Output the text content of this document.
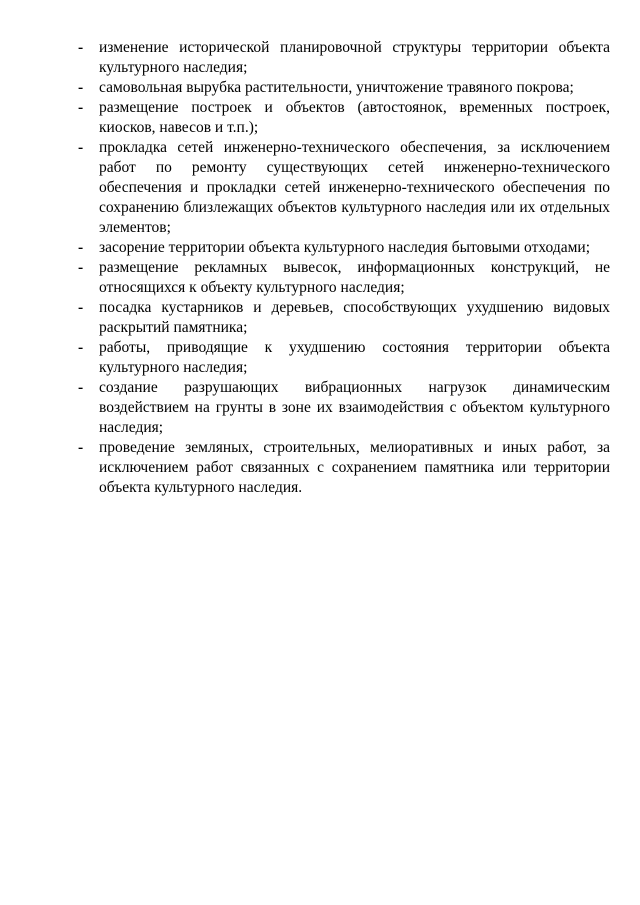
- изменение исторической планировочной структуры территории объекта культурного наследия;
- самовольная вырубка растительности, уничтожение травяного покрова;
- размещение построек и объектов (автостоянок, временных построек, киосков, навесов и т.п.);
- прокладка сетей инженерно-технического обеспечения, за исключением работ по ремонту существующих сетей инженерно-технического обеспечения и прокладки сетей инженерно-технического обеспечения по сохранению близлежащих объектов культурного наследия или их отдельных элементов;
- засорение территории объекта культурного наследия бытовыми отходами;
- размещение рекламных вывесок, информационных конструкций, не относящихся к объекту культурного наследия;
- посадка кустарников и деревьев, способствующих ухудшению видовых раскрытий памятника;
- работы, приводящие к ухудшению состояния территории объекта культурного наследия;
- создание разрушающих вибрационных нагрузок динамическим воздействием на грунты в зоне их взаимодействия с объектом культурного наследия;
- проведение земляных, строительных, мелиоративных и иных работ, за исключением работ связанных с сохранением памятника или территории объекта культурного наследия.
